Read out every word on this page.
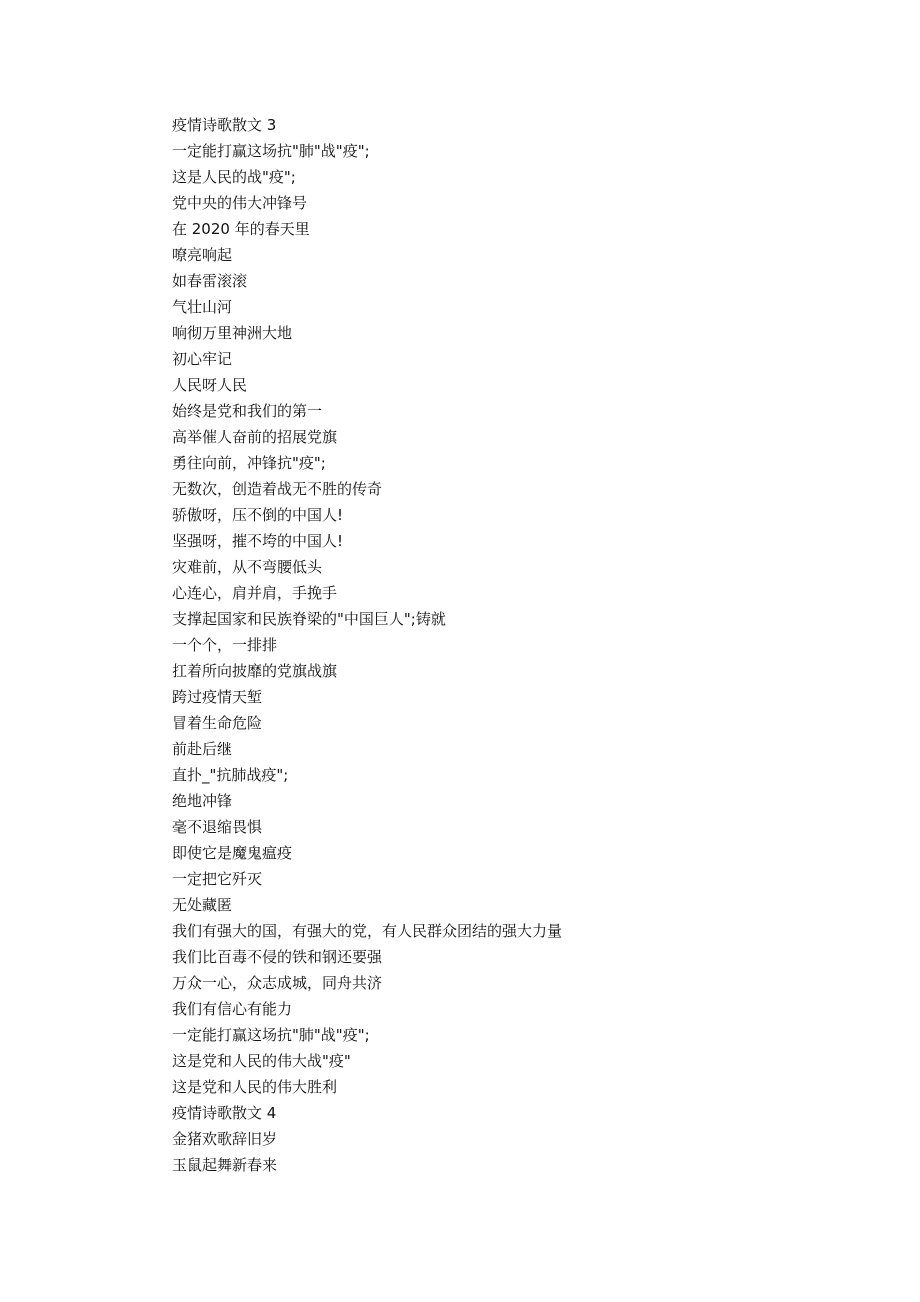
疫情诗歌散文 3
一定能打赢这场抗"肺"战"疫";
这是人民的战"疫";
党中央的伟大冲锋号
在 2020 年的春天里
嘹亮响起
如春雷滚滚
气壮山河
响彻万里神洲大地
初心牢记
人民呀人民
始终是党和我们的第一
高举催人奋前的招展党旗
勇往向前，冲锋抗"疫";
无数次，创造着战无不胜的传奇
骄傲呀，压不倒的中国人!
坚强呀，摧不垮的中国人!
灾难前，从不弯腰低头
心连心，肩并肩，手挽手
支撑起国家和民族脊梁的"中国巨人";铸就
一个个，一排排
扛着所向披靡的党旗战旗
跨过疫情天堑
冒着生命危险
前赴后继
直扑_"抗肺战疫";
绝地冲锋
毫不退缩畏惧
即使它是魔鬼瘟疫
一定把它歼灭
无处藏匿
我们有强大的国，有强大的党，有人民群众团结的强大力量
我们比百毒不侵的铁和钢还要强
万众一心，众志成城，同舟共济
我们有信心有能力
一定能打赢这场抗"肺"战"疫";
这是党和人民的伟大战"疫"
这是党和人民的伟大胜利
疫情诗歌散文 4
金猪欢歌辞旧岁
玉鼠起舞新春来
